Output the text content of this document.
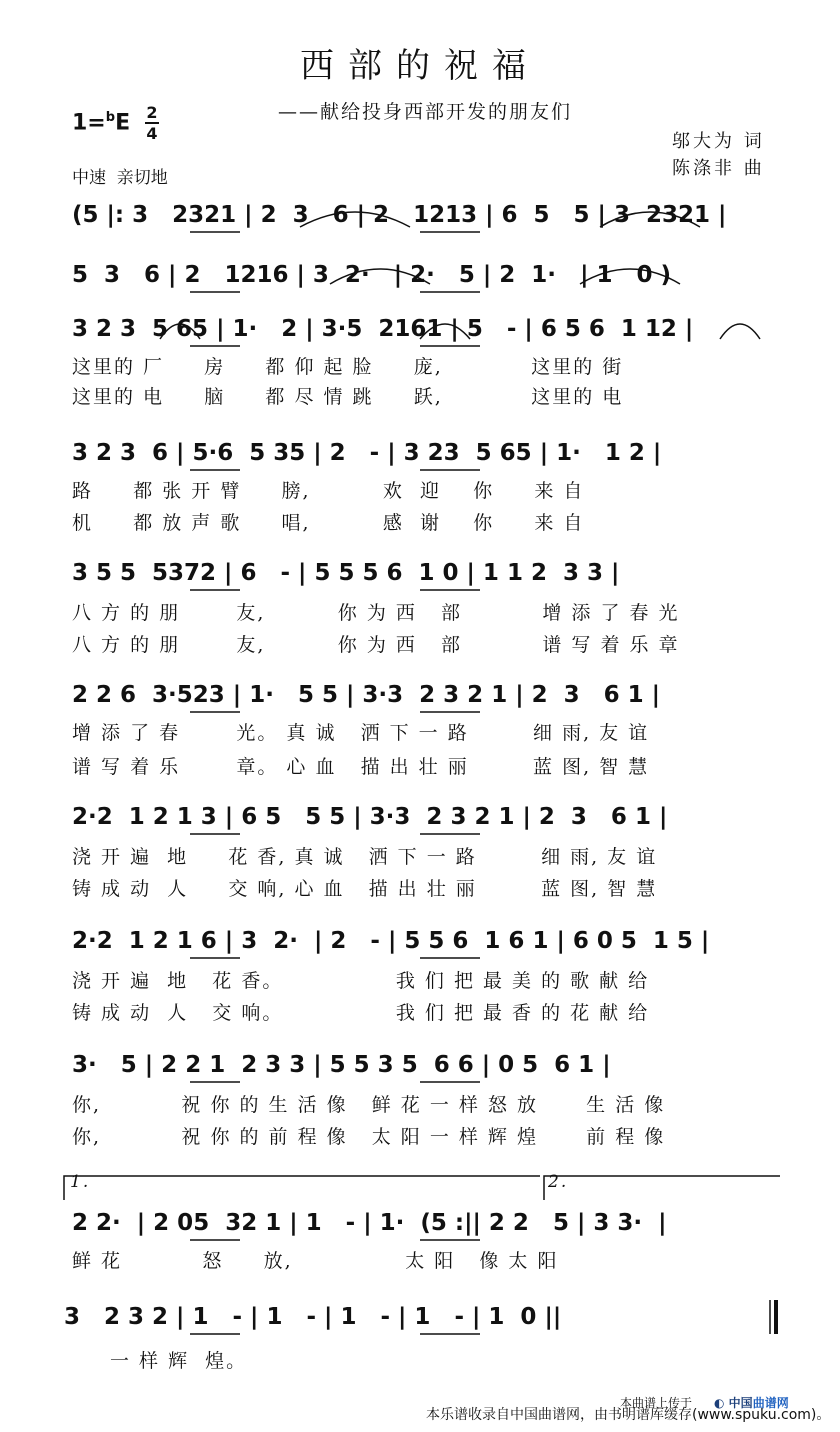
西部的祝福
——献给投身西部开发的朋友们
1=$^b$E 2
4	邬大为 词
陈涤非 曲
中速  亲切地
(5 |: 3   2321 | 2  3   6 | 2   1213 | 6  5   5 | 3  2321 |
5  3   6 | 2   1216 | 3  2·   | 2·   5 | 2  1·   | 1   0 )
3 2 3  5 65 | 1·   2 | 3·5  2161 | 5   - | 6 5 6  1 12 |
这里的 厂     房     都 仰 起 脸     庞,           这里的 街
这里的 电     脑     都 尽 情 跳     跃,           这里的 电
3 2 3  6 | 5·6  5 35 | 2   - | 3 23  5 65 | 1·   1 2 |
路     都 张 开 臂     膀,         欢  迎    你     来 自
机     都 放 声 歌     唱,         感  谢    你     来 自
3 5 5  5372 | 6   - | 5 5 5 6  1 0 | 1 1 2  3 3 |
八 方 的 朋       友,         你 为 西   部          增 添 了 春 光
八 方 的 朋       友,         你 为 西   部          谱 写 着 乐 章
2 2 6  3·523 | 1·   5 5 | 3·3  2 3 2 1 | 2  3   6 1 |
增 添 了 春       光。 真 诚   洒 下 一 路        细 雨, 友 谊
谱 写 着 乐       章。 心 血   描 出 壮 丽        蓝 图, 智 慧
2·2  1 2 1 3 | 6 5   5 5 | 3·3  2 3 2 1 | 2  3   6 1 |
浇 开 遍  地     花 香, 真 诚   洒 下 一 路        细 雨, 友 谊
铸 成 动  人     交 响, 心 血   描 出 壮 丽        蓝 图, 智 慧
2·2  1 2 1 6 | 3  2·  | 2   - | 5 5 6  1 6 1 | 6 0 5  1 5 |
浇 开 遍  地   花 香。              我 们 把 最 美 的 歌 献 给
铸 成 动  人   交 响。              我 们 把 最 香 的 花 献 给
3·   5 | 2 2 1  2 3 3 | 5 5 3 5  6 6 | 0 5  6 1 |
你,          祝 你 的 生 活 像   鲜 花 一 样 怒 放      生 活 像
你,          祝 你 的 前 程 像   太 阳 一 样 辉 煌      前 程 像
1.	2.
2 2·  | 2 05  32 1 | 1   - | 1·  (5 :|| 2 2   5 | 3 3·  |
鲜 花          怒     放,              太 阳   像 太 阳
3   2 3 2 | 1   - | 1   - | 1   - | 1   - | 1  0 ||
一 样 辉  煌。
本曲谱上传于 ◐ 中国曲谱网
本乐谱收录自中国曲谱网，由书明谱库缓存(www.spuku.com)。
